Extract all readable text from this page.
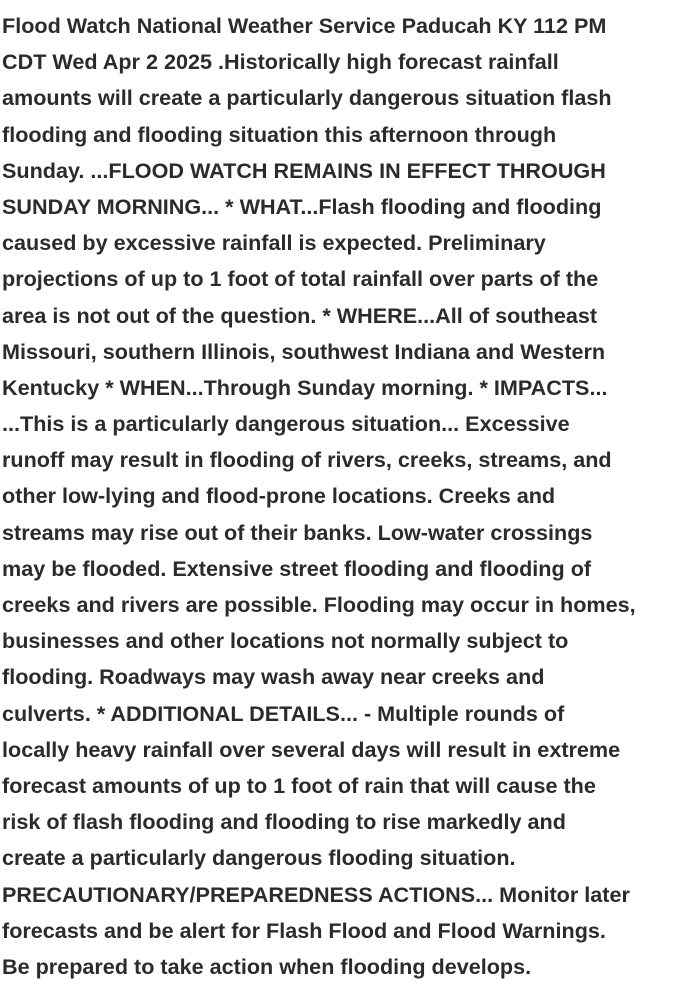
Flood Watch National Weather Service Paducah KY 112 PM
CDT Wed Apr 2 2025 .Historically high forecast rainfall
amounts will create a particularly dangerous situation flash
flooding and flooding situation this afternoon through
Sunday. ...FLOOD WATCH REMAINS IN EFFECT THROUGH
SUNDAY MORNING... * WHAT...Flash flooding and flooding
caused by excessive rainfall is expected. Preliminary
projections of up to 1 foot of total rainfall over parts of the
area is not out of the question. * WHERE...All of southeast
Missouri, southern Illinois, southwest Indiana and Western
Kentucky * WHEN...Through Sunday morning. * IMPACTS...
...This is a particularly dangerous situation... Excessive
runoff may result in flooding of rivers, creeks, streams, and
other low-lying and flood-prone locations. Creeks and
streams may rise out of their banks. Low-water crossings
may be flooded. Extensive street flooding and flooding of
creeks and rivers are possible. Flooding may occur in homes,
businesses and other locations not normally subject to
flooding. Roadways may wash away near creeks and
culverts. * ADDITIONAL DETAILS... - Multiple rounds of
locally heavy rainfall over several days will result in extreme
forecast amounts of up to 1 foot of rain that will cause the
risk of flash flooding and flooding to rise markedly and
create a particularly dangerous flooding situation.
PRECAUTIONARY/PREPAREDNESS ACTIONS... Monitor later
forecasts and be alert for Flash Flood and Flood Warnings.
Be prepared to take action when flooding develops.
